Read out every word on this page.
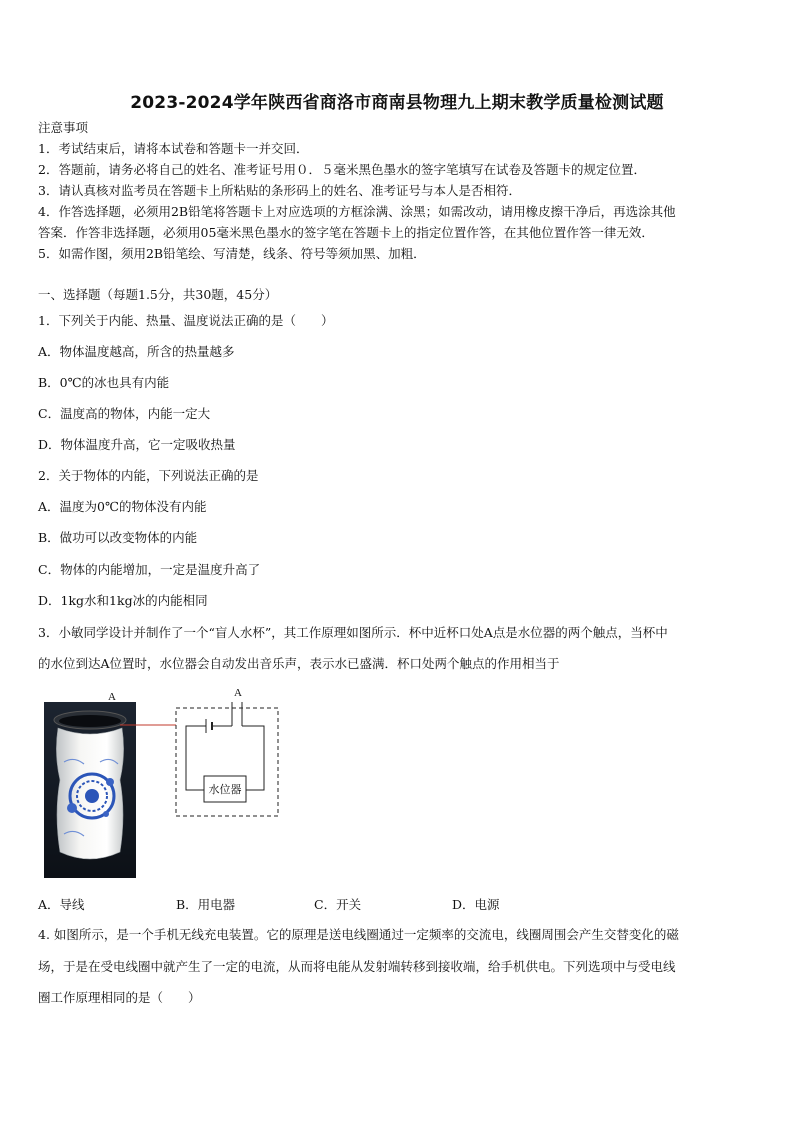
2023-2024学年陕西省商洛市商南县物理九上期末教学质量检测试题
注意事项
1．考试结束后，请将本试卷和答题卡一并交回．
2．答题前，请务必将自己的姓名、准考证号用０．５毫米黑色墨水的签字笔填写在试卷及答题卡的规定位置．
3．请认真核对监考员在答题卡上所粘贴的条形码上的姓名、准考证号与本人是否相符．
4．作答选择题，必须用2B铅笔将答题卡上对应选项的方框涂满、涂黑；如需改动，请用橡皮擦干净后，再选涂其他
答案．作答非选择题，必须用05毫米黑色墨水的签字笔在答题卡上的指定位置作答，在其他位置作答一律无效．
5．如需作图，须用2B铅笔绘、写清楚，线条、符号等须加黑、加粗．
一、选择题（每题1.5分，共30题，45分）
1．下列关于内能、热量、温度说法正确的是（　　）
A．物体温度越高，所含的热量越多
B．0℃的冰也具有内能
C．温度高的物体，内能一定大
D．物体温度升高，它一定吸收热量
2．关于物体的内能，下列说法正确的是
A．温度为0℃的物体没有内能
B．做功可以改变物体的内能
C．物体的内能增加，一定是温度升高了
D．1kg水和1kg冰的内能相同
3．小敏同学设计并制作了一个“盲人水杯”，其工作原理如图所示．杯中近杯口处A点是水位器的两个触点，当杯中
的水位到达A位置时，水位器会自动发出音乐声，表示水已盛满．杯口处两个触点的作用相当于
A	A
水位器
A．导线	B．用电器	C．开关	D．电源
4. 如图所示，是一个手机无线充电装置。它的原理是送电线圈通过一定频率的交流电，线圈周围会产生交替变化的磁
场，于是在受电线圈中就产生了一定的电流，从而将电能从发射端转移到接收端，给手机供电。下列选项中与受电线
圈工作原理相同的是（　　）
